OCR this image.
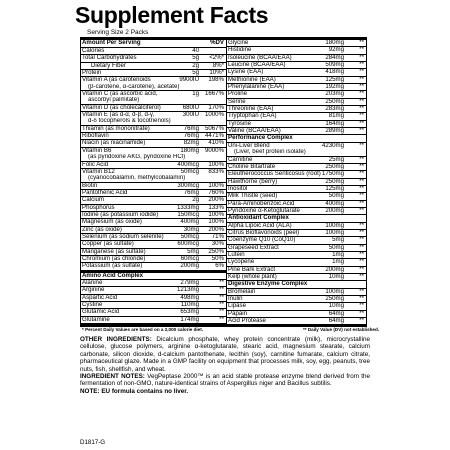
Supplement Facts
Serving Size 2 Packs
Amount Per Serving	%DV
Calories	40
Total Carbohydrates	5g <2%*
Dietary Fiber	2g 8%*
Protein	5g 10%*
Vitamin A (as carotenoids	9900IU 198%
(β-carotene, α-carotene), acetate)
Vitamin C (as ascorbic acid,	1g 1667%
ascorbyl palmitate)
Vitamin D (as cholecalciferol)	680IU 170%
Vitamin E (as d-α, d-β, d-γ,	300IU 1000%
d-δ tocopherols & tocotrienols)
Thiamin (as mononitrate)	76mg 5067%
Riboflavin	76mg 4471%
Niacin (as niacinamide)	82mg 410%
Vitamin B6	180mg 9000%
(as pyridoxine AKG, pyridoxine HCl)
Folic Acid	400mcg 100%
Vitamin B12	50mcg 833%
(cyanocobalamin, methylcobalamin)
Biotin	300mcg 100%
Pantothenic Acid	76mg 760%
Calcium	2g 200%
Phosphorus	1333mg 133%
Iodine (as potassium iodide)	150mcg 100%
Magnesium (as oxide)	400mg 100%
Zinc (as oxide)	30mg 200%
Selenium (as sodium selenite)	50mcg 71%
Copper (as sulfate)	600mcg 30%
Manganese (as sulfate)	5mg 250%
Chromium (as chloride)	60mcg 50%
Potassium (as sulfate)	200mg	6%
Amino Acid Complex
Alanine	279mg	**
Arginine	1213mg	**
Aspartic Acid	498mg	**
Cystine	110mg	**
Glutamic Acid	653mg	**
Glutamine	174mg	**
Glycine	180mg	**
Histidine	92mg	**
Isoleucine (BCAA/EAA)	284mg	**
Leucine (BCAA/EAA)	509mg	**
Lysine (EAA)	418mg	**
Methionine (EAA)	125mg	**
Phenylalanine (EAA)	192mg	**
Proline	203mg	**
Serine	250mg	**
Threonine (EAA)	283mg	**
Tryptophan (EAA)	81mg	**
Tyrosine	164mg	**
Valine (BCAA/EAA)	289mg	**
Performance Complex
Uni-Liver Blend	4230mg	**
(Liver, beef protein isolate)
Carnitine	25mg	**
Choline Bitartrate	250mg	**
Eleutherococcus Senticosus (root) 1750mg	**
Hawthorne (berry)	250mg	**
Inositol	125mg	**
Milk Thistle (seed)	50mg	**
Para-Aminobenzoic Acid	400mg	**
Pyridoxine α-Ketoglutarate	200mg	**
Antioxidant Complex
Alpha Lipoic Acid (ALA)	100mg	**
Citrus Bioflavonoids (peel)	100mg	**
Coenzyme Q10 (CoQ10)	5mg	**
Grapeseed Extract	50mg	**
Lutein	1mg	**
Lycopene	1mg	**
Pine Bark Extract	200mg	**
Kelp (whole plant)	10mg	**
Digestive Enzyme Complex
Bromelain	100mg	**
Inulin	250mg	**
Lipase	10mg	**
Papain	64mg	**
Acid Protease	64mg	**
* Percent Daily Values are based on a 2,000 calorie diet.	** Daily Value (DV) not established.
OTHER INGREDIENTS: Dicalcium phosphate, whey protein concentrate (milk), microcrystalline cellulose, glucose polymers, arginine α-ketoglutarate, stearic acid, magnesium stearate, calcium carbonate, silicon dioxide, d-calcium pantothenate, lecithin (soy), carnitine fumarate, calcium citrate, pharmaceutical glaze. Made in a GMP facility on equipment that processes milk, soy, egg, peanuts, tree nuts, fish, shellfish, and wheat.
INGREDIENT NOTES: VegPeptase 2000™ is an acid stable protease enzyme blend derived from the fermentation of non-GMO, nature-identical strains of Aspergillus niger and Bacillus subtilis.
NOTE: EU formula contains no liver.
D1817-G
